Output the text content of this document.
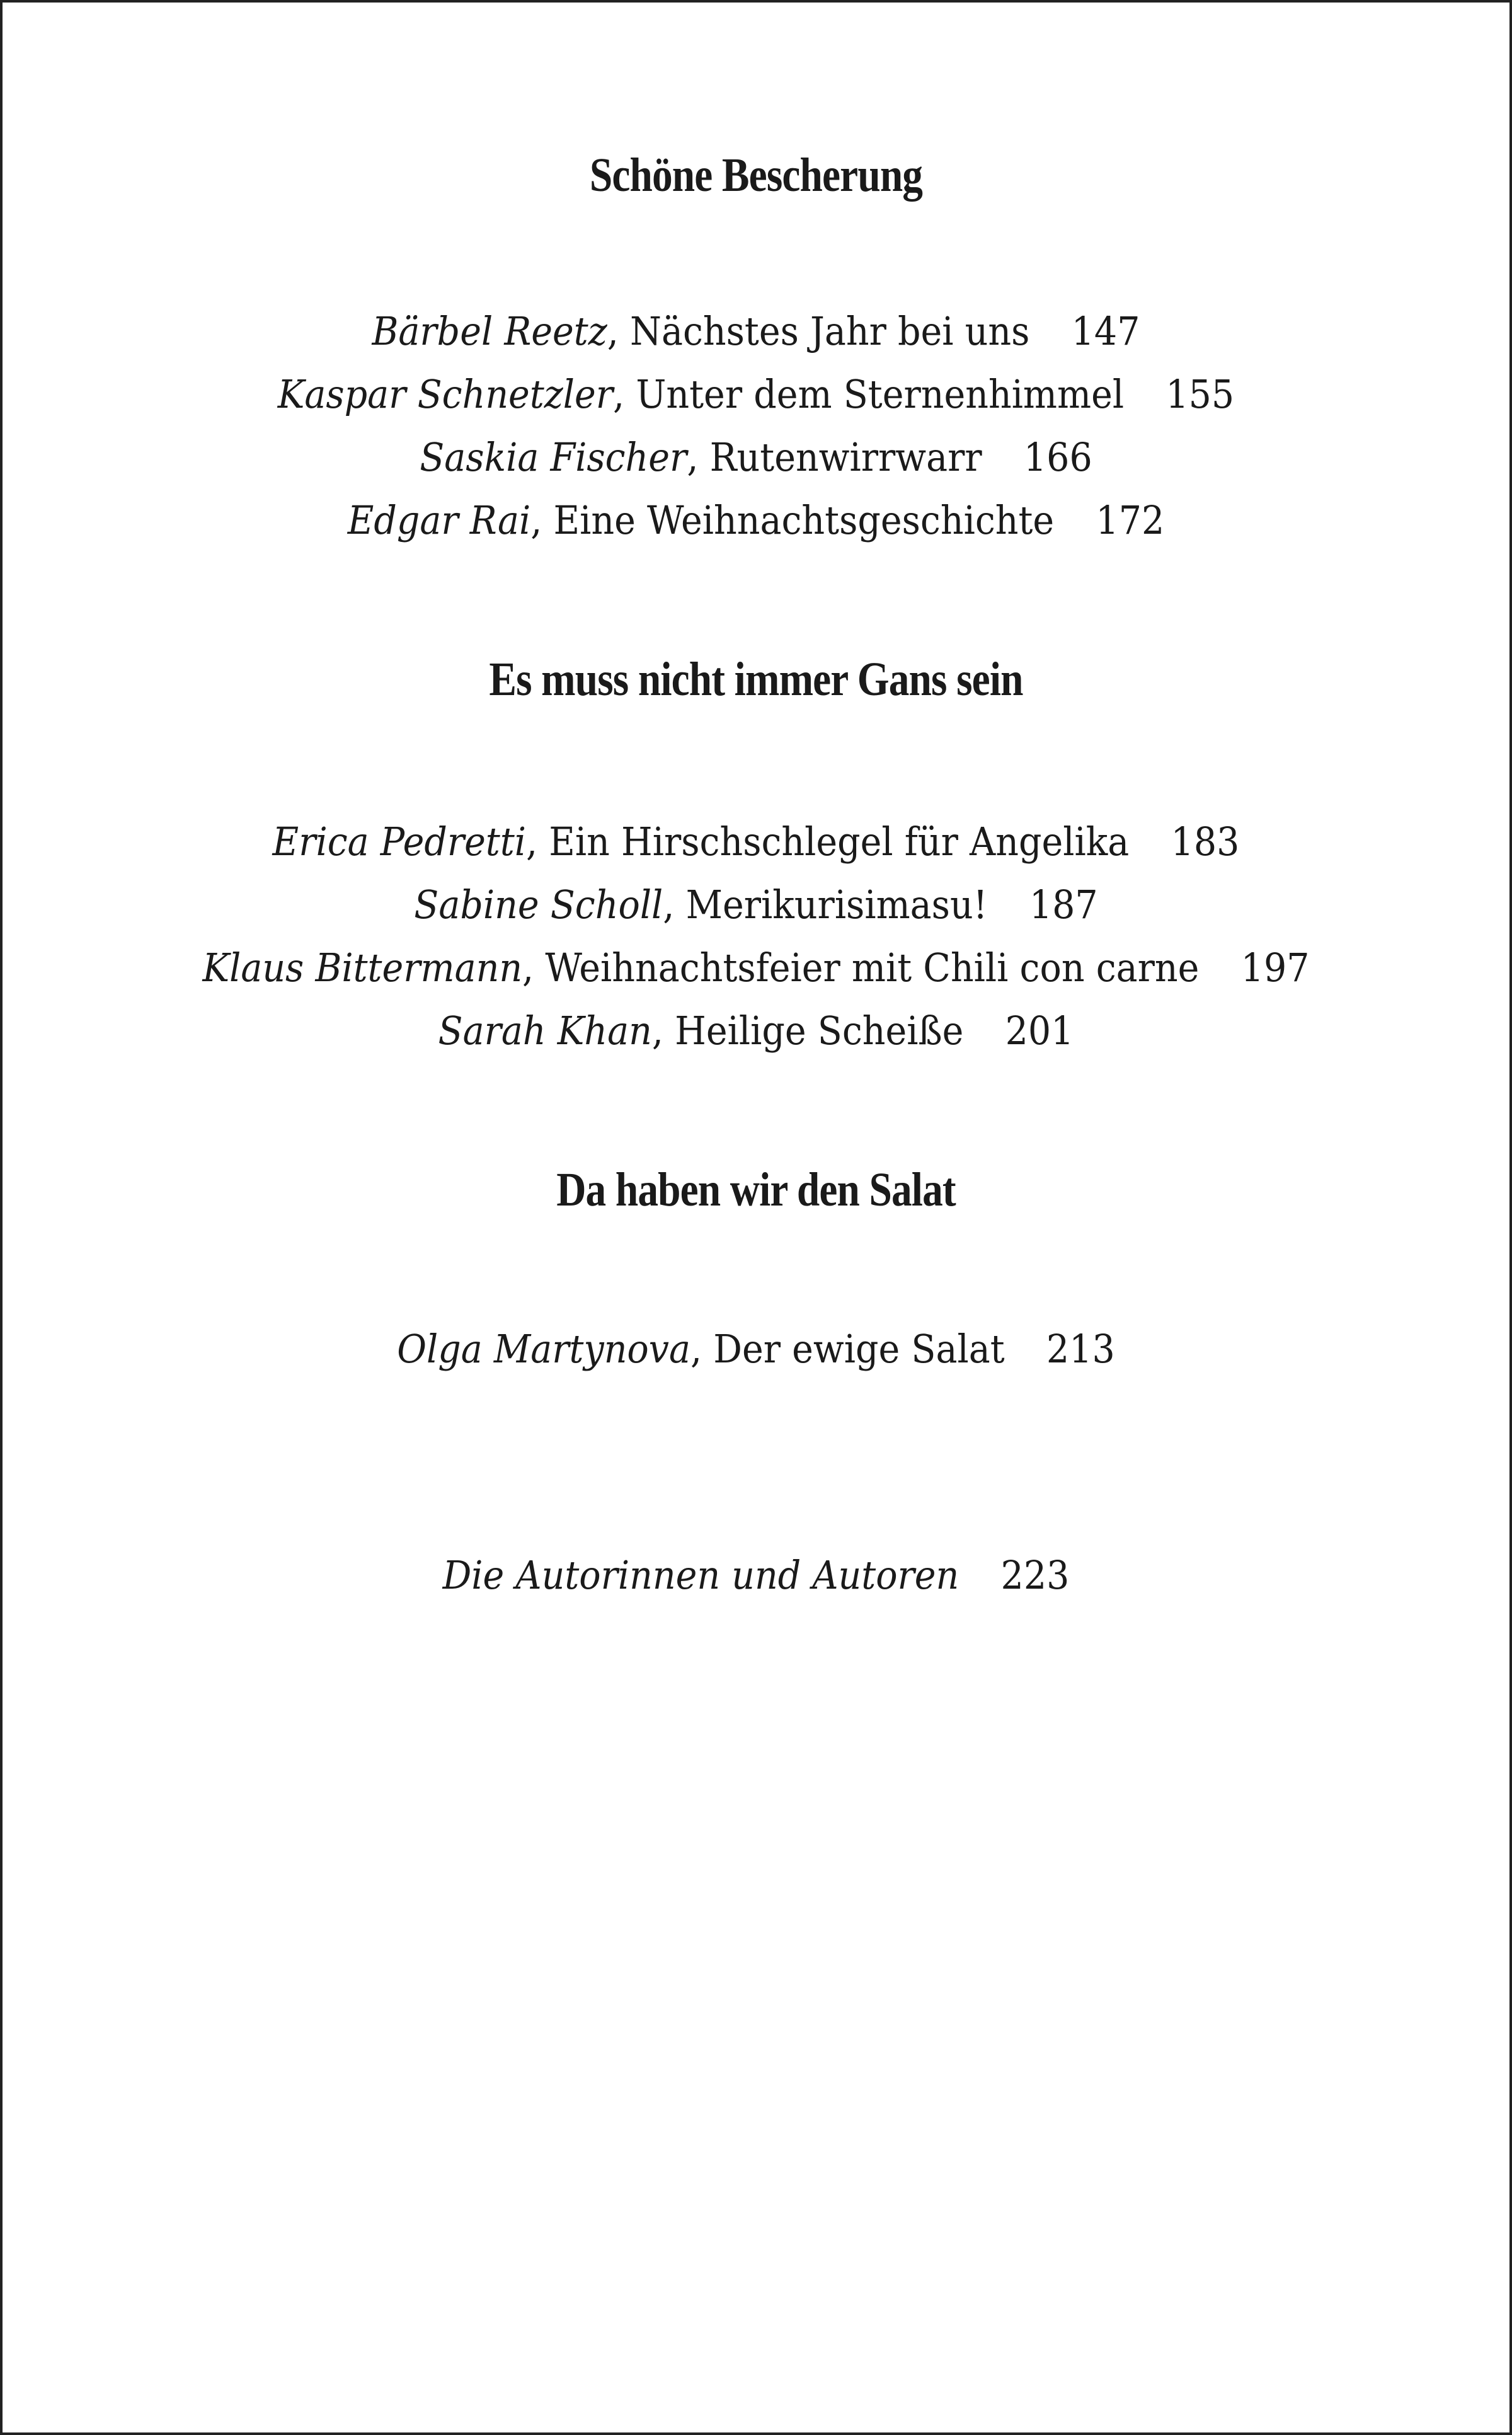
Schöne Bescherung
Bärbel Reetz, Nächstes Jahr bei uns 147
Kaspar Schnetzler, Unter dem Sternenhimmel 155
Saskia Fischer, Rutenwirrwarr 166
Edgar Rai, Eine Weihnachtsgeschichte 172
Es muss nicht immer Gans sein
Erica Pedretti, Ein Hirschschlegel für Angelika 183
Sabine Scholl, Merikurisimasu! 187
Klaus Bittermann, Weihnachtsfeier mit Chili con carne 197
Sarah Khan, Heilige Scheiße 201
Da haben wir den Salat
Olga Martynova, Der ewige Salat 213
Die Autorinnen und Autoren 223
